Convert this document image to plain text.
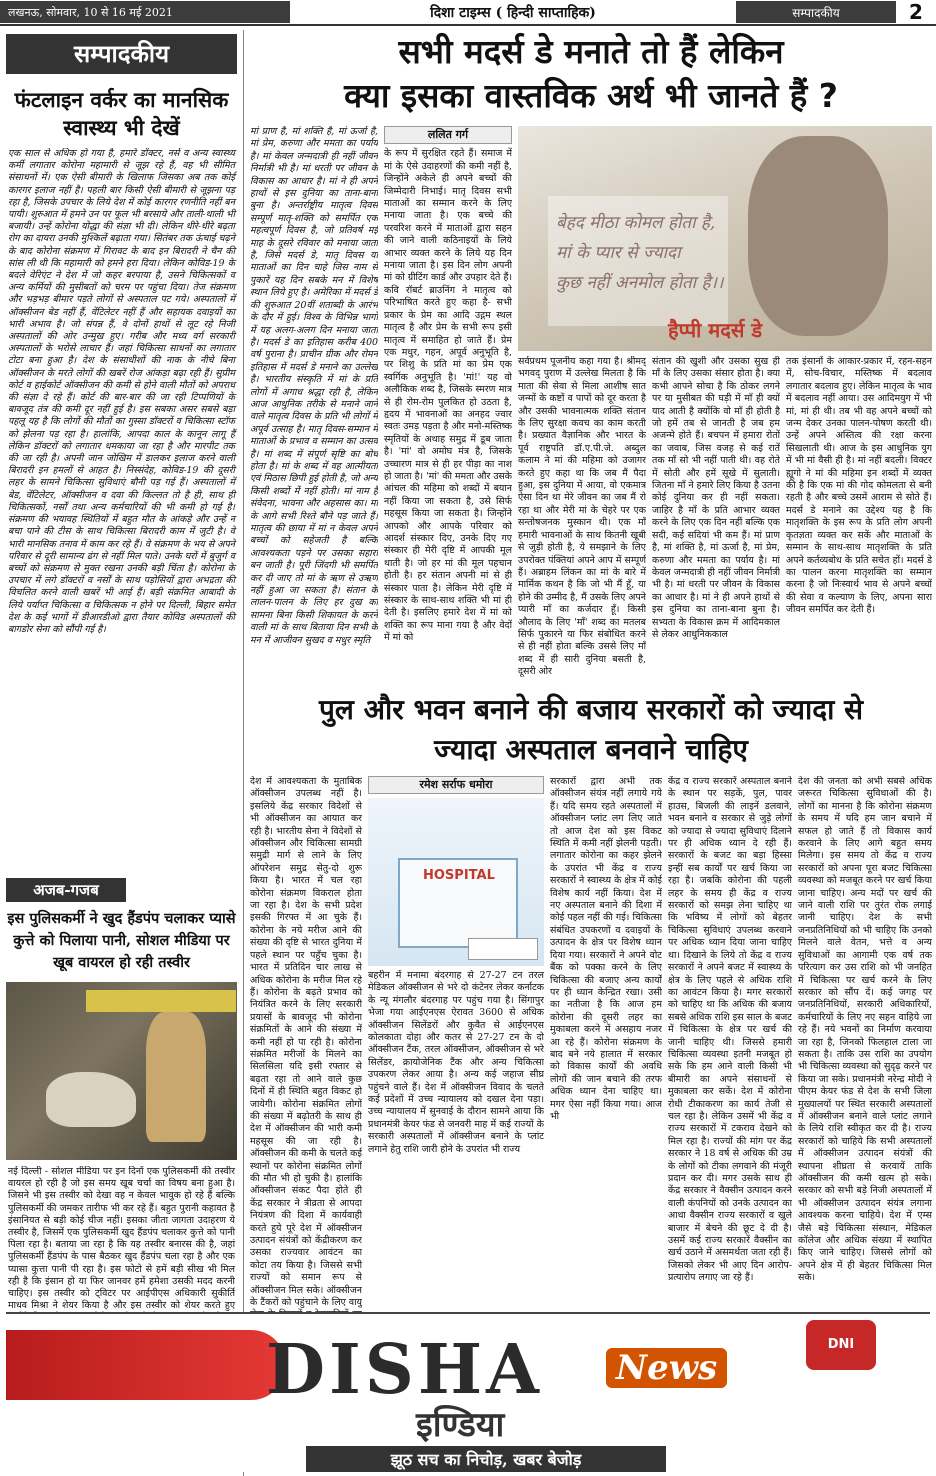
लखनऊ, सोमवार, 10 से 16 मई 2021	दिशा टाइम्स ( हिन्दी साप्ताहिक)	सम्पादकीय	2
सम्पादकीय
फंटलाइन वर्कर का मानसिक स्वास्थ्य भी देखें
एक साल से अधिक हो गया है, हमारे डॉक्टर, नर्स व अन्य स्वास्थ्य कर्मी लगातार कोरोना महामारी से जूझ रहे हैं, वह भी सीमित संसाधनों में। एक ऐसी बीमारी के खिलाफ जिसका अब तक कोई कारगर इलाज नहीं है। पहली बार किसी ऐसी बीमारी से जूझना पड़ रहा है, जिसके उपचार के लिये देश में कोई कारगर रणनीति नहीं बन पायी। शुरुआत में हमने उन पर फूल भी बरसाये और ताली-थाली भी बजायी। उन्हें कोरोना योद्धा की संज्ञा भी दी। लेकिन धीरे-धीरे बढ़ता रोग का दायरा उनकी मुश्किलें बढ़ाता गया। सितंबर तक ऊंचाई चढ़ने के बाद कोरोना संक्रमण में गिरावट के बाद इन बिरादरी ने चैन की सांस ली थी कि महामारी को हमने हरा दिया। लेकिन कोविड-19 के बदले वेरिएंट ने देश में जो कहर बरपाया है, उसने चिकित्सकों व अन्य कर्मियों की मुसीबतों को चरम पर पहुंचा दिया। तेज संक्रमण और भड़भड़ बीमार पड़ते लोगों से अस्पताल पट गये। अस्पतालों में ऑक्सीजन बेड नहीं हैं, वेंटिलेटर नहीं हैं और सहायक दवाइयों का भारी अभाव है। जो संपन्न हैं, वे दोनों हाथों से लूट रहे निजी अस्पतालों की ओर उन्मुख हुए। गरीब और मध्य वर्ग सरकारी अस्पतालों के भरोसे लाचार हैं। जहां चिकित्सा साधनों का लगातार टोटा बना हुआ है। देश के संसाधीशों की नाक के नीचे बिना ऑक्सीजन के मरते लोगों की खबरें रोज आंकड़ा बढ़ा रही हैं। सुप्रीम कोर्ट व हाईकोर्ट ऑक्सीजन की कमी से होने वाली मौतों को अपराध की संज्ञा दे रहे हैं। कोर्ट की बार-बार की जा रही टिप्पणियों के बावजूद तंत्र की कमी दूर नहीं हुई है। इस सबका असर सबसे बड़ा पहलू यह है कि लोगों की मौतों का गुस्सा डॉक्टरों व चिकित्सा स्टॉफ को झेलना पड़ रहा है। हालांकि, आपदा काल के कानून लागू हैं लेकिन डॉक्टरों को लगातार धमकाया जा रहा है और मारपीट तक की जा रही है। अपनी जान जोखिम में डालकर इलाज करने वाली बिरादरी इन हमलों से आहत है। निस्संदेह, कोविड-19 की दूसरी लहर के सामने चिकित्सा सुविधाएं बौनी पड़ गई हैं। अस्पतालों में बेड, वेंटिलेटर, ऑक्सीजन व दवा की किल्लत तो है ही, साथ ही चिकित्सकों, नर्सों तथा अन्य कर्मचारियों की भी कमी हो गई है। संक्रमण की भयावह स्थितियों में बहुत मौत के आंकड़े और उन्हें न बचा पाने की टीस के साथ चिकित्सा बिरादरी काम में जुटी है। वे भारी मानसिक तनाव में काम कर रहे हैं। वे संक्रमण के भय से अपने परिवार से दूरी सामान्य ढंग से नहीं मिल पाते। उनके घरों में बुजुर्ग व बच्चों को संक्रमण से मुक्त रखना उनकी बड़ी चिंता है। कोरोना के उपचार में लगे डॉक्टरों व नर्सों के साथ पड़ोसियों द्वारा अभद्रता की विचलित करने वाली खबरें भी आई हैं। बड़ी संक्रमित आबादी के लिये पर्याप्त चिकित्सा व चिकित्सक न होने पर दिल्ली, बिहार समेत देश के कई भागों में डीआरडीओ द्वारा तैयार कोविड अस्पतालों की बागडोर सेना को सौंपी गई है।
अजब-गजब
इस पुलिसकर्मी ने खुद हैंडपंप चलाकर प्यासे कुत्ते को पिलाया पानी, सोशल मीडिया पर खूब वायरल हो रही तस्वीर
नई दिल्ली - सोशल मीडिया पर इन दिनों एक पुलिसकर्मी की तस्वीर वायरल हो रही है जो इस समय खूब चर्चा का विषय बना हुआ है। जिसने भी इस तस्वीर को देखा वह न केवल भावुक हो रहे हैं बल्कि पुलिसकर्मी की जमकर तारीफ भी कर रहे हैं। बहुत पुरानी कहावत है इंसानियत से बड़ी कोई चीज नहीं। इसका जीता जागता उदाहरण ये तस्वीर है, जिसमें एक पुलिसकर्मी खुद हैंडपंप चलाकर कुत्ते को पानी पिला रहा है। बताया जा रहा है कि यह तस्वीर बनारस की है, जहां पुलिसकर्मी हैंडपंप के पास बैठकर खुद हैंडपंप चला रहा है और एक प्यासा कुत्ता पानी पी रहा है। इस फोटो से हमें बड़ी सीख भी मिल रही है कि इंसान हो या फिर जानवर हमें हमेशा उसकी मदद करनी चाहिए। इस तस्वीर को ट्विटर पर आईपीएस अधिकारी सुकीर्ति माधव मिश्रा ने शेयर किया है और इस तस्वीर को शेयर करते हुए
सभी मदर्स डे मनाते तो हैं लेकिन
क्या इसका वास्तविक अर्थ भी जानते हैं ?
मां प्राण है, मां शक्ति है, मां ऊर्जा है, मां प्रेम, करुणा और ममता का पर्याय है। मां केवल जन्मदात्री ही नहीं जीवन निर्मात्री भी है। मां धरती पर जीवन के विकास का आधार है। मां ने ही अपने हाथों से इस दुनिया का ताना-बाना बुना है। अन्तर्राष्ट्रीय मातृत्व दिवस सम्पूर्ण मातृ-शक्ति को समर्पित एक महत्वपूर्ण दिवस है, जो प्रतिवर्ष मई माह के दूसरे रविवार को मनाया जाता है, जिसे मदर्स डे, मातृ दिवस या माताओं का दिन चाहे जिस नाम से पुकारें यह दिन सबके मन में विशेष स्थान लिये हुए है। अमेरिका में मदर्स डे की शुरुआत 20वीं शताब्दी के आरंभ के दौर में हुई। विश्व के विभिन्न भागों में यह अलग-अलग दिन मनाया जाता है। मदर्स डे का इतिहास करीब 400 वर्ष पुराना है। प्राचीन ग्रीक और रोमन इतिहास में मदर्स डे मनाने का उल्लेख है। भारतीय संस्कृति में मां के प्रति लोगों में अगाध श्रद्धा रही है, लेकिन आज आधुनिक तरीके से मनाने जाने वाले मातृत्व दिवस के प्रति भी लोगों में अपूर्व उत्साह है। मातृ दिवस-सम्मान में माताओं के प्रभाव व सम्मान का उत्सव है। मां शब्द में संपूर्ण सृष्टि का बोध होता है। मां के शब्द में वह आत्मीयता एवं मिठास छिपी हुई होती है, जो अन्य किसी शब्दों में नहीं होती। मां नाम है संवेदना, भावना और अहसास का। मां के आगे सभी रिश्ते बौने पड़ जाते हैं। मातृत्व की छाया में मां न केवल अपने बच्चों को सहेजती है बल्कि आवश्यकता पड़ने पर उसका सहारा बन जाती है। पूरी जिंदगी भी समर्पित कर दी जाए तो मां के ऋण से उऋण नहीं हुआ जा सकता है। संतान के लालन-पालन के लिए हर दुख का सामना बिना किसी शिकायत के करने वाली मां के साथ बिताया दिन सभी के मन में आजीवन सुखद व मधुर स्मृति
ललित गर्ग
के रूप में सुरक्षित रहते हैं। समाज में मां के ऐसे उदाहरणों की कमी नहीं है, जिन्होंने अकेले ही अपने बच्चों की जिम्मेदारी निभाई। मातृ दिवस सभी माताओं का सम्मान करने के लिए मनाया जाता है। एक बच्चे की परवरिश करने में माताओं द्वारा सहन की जाने वाली कठिनाइयों के लिये आभार व्यक्त करने के लिये यह दिन मनाया जाता है। इस दिन लोग अपनी मां को ग्रीटिंग कार्ड और उपहार देते हैं। कवि रॉबर्ट ब्राउनिंग ने मातृत्व को परिभाषित करते हुए कहा है- सभी प्रकार के प्रेम का आदि उद्गम स्थल मातृत्व है और प्रेम के सभी रूप इसी मातृत्व में समाहित हो जाते हैं। प्रेम एक मधुर, गहन, अपूर्व अनुभूति है, पर शिशु के प्रति मां का प्रेम एक स्वर्गिक अनुभूति है। 'मां!' यह वो अलौकिक शब्द है, जिसके स्मरण मात्र से ही रोम-रोम पुलकित हो उठता है, हृदय में भावनाओं का अनहद ज्वार स्वतः उमड़ पड़ता है और मनो-मस्तिष्क स्मृतियों के अथाह समुद्र में डूब जाता है। 'मां' वो अमोघ मंत्र है, जिसके उच्चारण मात्र से ही हर पीड़ा का नाश हो जाता है। 'मां' की ममता और उसके आंचल की महिमा को शब्दों में बयान नहीं किया जा सकता है, उसे सिर्फ महसूस किया जा सकता है। जिन्होंने आपको और आपके परिवार को आदर्श संस्कार दिए, उनके दिए गए संस्कार ही मेरी दृष्टि में आपकी मूल थाती है। जो हर मां की मूल पहचान होती है। हर संतान अपनी मां से ही संस्कार पाता है। लेकिन मेरी दृष्टि में संस्कार के साथ-साथ शक्ति भी मां ही देती है। इसलिए हमारे देश में मां को शक्ति का रूप माना गया है और वेदों में मां को
बेहद मीठा कोमल होता है,
मां के प्यार से ज्यादा
कुछ नहीं अनमोल होता है।।
हैप्पी मदर्स डे
सर्वप्रथम पूजनीय कहा गया है। श्रीमद् भगवद् पुराण में उल्लेख मिलता है कि माता की सेवा से मिला आशीष सात जन्मों के कष्टों व पापों को दूर करता है और उसकी भावनात्मक शक्ति संतान के लिए सुरक्षा कवच का काम करती है। प्रख्यात वैज्ञानिक और भारत के पूर्व राष्ट्रपति डॉ.ए.पी.जे. अब्दुल कलाम ने मां की महिमा को उजागर करते हुए कहा था कि जब मैं पैदा हुआ, इस दुनिया में आया, वो एकमात्र ऐसा दिन था मेरे जीवन का जब मैं रो रहा था और मेरी मां के चेहरे पर एक सन्तोषजनक मुस्कान थी। एक माँ हमारी भावनाओं के साथ कितनी खूबी से जुड़ी होती है, ये समझाने के लिए उपरोक्त पंक्तियां अपने आप में सम्पूर्ण हैं। अब्राहम लिंकन का मां के बारे में मार्मिक कथन है कि जो भी मैं हूँ, या होने की उम्मीद है, मैं उसके लिए अपने प्यारी माँ का कर्जदार हूँ। किसी औलाद के लिए 'माँ' शब्द का मतलब सिर्फ पुकारने या फिर संबोधित करने से ही नहीं होता बल्कि उससे लिए माँ शब्द में ही सारी दुनिया बसती है, दूसरी ओर
संतान की खुशी और उसका सुख ही माँ के लिए उसका संसार होता है। क्या कभी आपने सोचा है कि ठोकर लगने पर या मुसीबत की घड़ी में माँ ही क्यों याद आती है क्योंकि वो माँ ही होती है जो हमें तब से जानती है जब हम अजन्मे होते हैं। बचपन में हमारा रोतों का जवाब, जिस वजह से कई रातें तक माँ सो भी नहीं पाती थी। वह रोते में सोती और हमें सूखे में सुलाती। जितना माँ ने हमारे लिए किया है उतना कोई दुनिया कर ही नहीं सकता। जाहिर है माँ के प्रति आभार व्यक्त करने के लिए एक दिन नहीं बल्कि एक सदी, कई सदियां भी कम हैं। मां प्राण है, मां शक्ति है, मां ऊर्जा है, मां प्रेम, करुणा और ममता का पर्याय है। मां केवल जन्मदात्री ही नहीं जीवन निर्मात्री भी है। मां धरती पर जीवन के विकास का आधार है। मां ने ही अपने हाथों से इस दुनिया का ताना-बाना बुना है। सभ्यता के विकास क्रम में आदिमकाल से लेकर आधुनिककाल
तक इंसानों के आकार-प्रकार में, रहन-सहन में, सोच-विचार, मस्तिष्क में बदलाव लगातार बदलाव हुए। लेकिन मातृत्व के भाव में बदलाव नहीं आया। उस आदिमयुग में भी मां, मां ही थी। तब भी वह अपने बच्चों को जन्म देकर उनका पालन-पोषण करती थी। उन्हें अपने अस्तित्व की रक्षा करना सिखलाती थी। आज के इस आधुनिक युग में भी मां वैसी ही है। मां नहीं बदली। विक्टर ह्यूगो ने मां की महिमा इन शब्दों में व्यक्त की है कि एक मां की गोद कोमलता से बनी रहती है और बच्चे उसमें आराम से सोते हैं। मदर्स डे मनाने का उद्देश्य यह है कि मातृशक्ति के इस रूप के प्रति लोग अपनी कृतज्ञता व्यक्त कर सकें और माताओं के सम्मान के साथ-साथ मातृशक्ति के प्रति अपने कर्तव्यबोध के प्रति सचेत हों। मदर्स डे का पालन करना मातृशक्ति का सम्मान करना है जो निःस्वार्थ भाव से अपने बच्चों की सेवा व कल्याण के लिए, अपना सारा जीवन समर्पित कर देती हैं।
पुल और भवन बनाने की बजाय सरकारों को ज्यादा से
ज्यादा अस्पताल बनवाने चाहिए
देश में आवश्यकता के मुताबिक ऑक्सीजन उपलब्ध नहीं है। इसलिये केंद्र सरकार विदेशों से भी ऑक्सीजन का आयात कर रही है। भारतीय सेना ने विदेशों से ऑक्सीजन और चिकित्सा सामग्री समुद्री मार्ग से लाने के लिए ऑपरेशन समुद्र सेतु-दो शुरू किया है। भारत में चल रहा कोरोना संक्रमण विकराल होता जा रहा है। देश के सभी प्रदेश इसकी गिरफ्त में आ चुके हैं। कोरोना के नये मरीज आने की संख्या की दृष्टि से भारत दुनिया में पहले स्थान पर पहुँच चुका है। भारत में प्रतिदिन चार लाख से अधिक कोरोना के मरीज मिल रहे हैं। कोरोना के बढ़ते प्रभाव को नियंत्रित करने के लिए सरकारी प्रयासों के बावजूद भी कोरोना संक्रमितों के आने की संख्या में कमी नहीं हो पा रही है। कोरोना संक्रमित मरीजों के मिलने का सिलसिला यदि इसी रफ्तार से बढ़ता रहा तो आने वाले कुछ दिनों में ही स्थिति बहुत विकट हो जायेगी। कोरोना संक्रमित लोगों की संख्या में बढ़ोतरी के साथ ही देश में ऑक्सीजन की भारी कमी महसूस की जा रही है। ऑक्सीजन की कमी के चलते कई स्थानों पर कोरोना संक्रमित लोगों की मौत भी हो चुकी है। हालांकि ऑक्सीजन संकट पैदा होते ही केंद्र सरकार ने त्रीव्रता से आपदा नियंत्रण की दिशा में कार्यवाही करते हुये पूरे देश में ऑक्सीजन उत्पादन संयंत्रों को केंद्रीकरण कर उसका राज्यवार आवंटन का कोटा तय किया है। जिससे सभी राज्यों को समान रूप से ऑक्सीजन मिल सके। ऑक्सीजन के टैंकरों को पहुंचाने के लिए वायु
रमेश सर्राफ धमोरा
HOSPITAL
बहरीन में मनामा बंदरगाह से 27-27 टन तरल मेडिकल ऑक्सीजन से भरे दो कंटेनर लेकर कर्नाटक के न्यू मंगलौर बंदरगाह पर पहुंच गया है। सिंगापुर भेजा गया आईएनएस ऐरावत 3600 से अधिक ऑक्सीजन सिलेंडरों और कुवैत से आईएनएस कोलकाता दोहा और कतर से 27-27 टन के दो ऑक्सीजन टैंक, तरल ऑक्सीजन, ऑक्सीजन से भरे सिलेंडर, क्रायोजेनिक टैंक और अन्य चिकित्सा उपकरण लेकर आया है। अन्य कई जहाज सीघ्र पहुंचने वाले हैं। देश में ऑक्सीजन विवाद के चलते कई प्रदेशों में उच्च न्यायालय को दखल देना पड़ा। उच्च न्यायालय में सुनवाई के दौरान सामने आया कि प्रधानमंत्री केयर फंड से जनवरी माह में कई राज्यों के सरकारी अस्पतालों में ऑक्सीजन बनाने के प्लांट लगाने हेतु राशि जारी होने के उपरांत भी राज्य
सरकारों द्वारा अभी तक ऑक्सीजन संयंत्र नहीं लगाये गये हैं। यदि समय रहते अस्पतालों में ऑक्सीजन प्लांट लग लिए जाते तो आज देश को इस विकट स्थिति में कमी नहीं झेलनी पड़ती। लगातार कोरोना का कहर झेलने के उपरांत भी केंद्र व राज्य सरकारों ने स्वास्थ्य के क्षेत्र में कोई विशेष कार्य नहीं किया। देश में नए अस्पताल बनाने की दिशा में कोई पहल नहीं की गई। चिकित्सा संबंधित उपकरणों व दवाइयों के उत्पादन के क्षेत्र पर विशेष ध्यान दिया गया। सरकारों ने अपने वोट बैंक को पक्का करने के लिए चिकित्सा की बजाए अन्य कार्यों पर ही ध्यान केन्द्रित रखा। उसी का नतीजा है कि आज हम कोरोना की दूसरी लहर का मुकाबला करने में असहाय नजर आ रहे हैं। कोरोना संक्रमण के बाद बने नये हालात में सरकार को विकास कार्यों की अवधि लोगों की जान बचाने की तरफ अधिक ध्यान देना चाहिए था। मगर ऐसा नहीं किया गया। आज भी
केंद्र व राज्य सरकारें अस्पताल बनाने के स्थान पर सड़कें, पुल, पावर हाउस, बिजली की लाइनें डलवाने, भवन बनाने व सरकार से जुड़े लोगों को ज्यादा से ज्यादा सुविधाएं दिलाने पर ही अधिक ध्यान दे रही हैं। सरकारों के बजट का बड़ा हिस्सा इन्हीं सब कार्यों पर खर्च किया जा रहा है। जबकि कोरोना की पहली लहर के समय ही केंद्र व राज्य सरकारों को समझ लेना चाहिए था कि भविष्य में लोगों को बेहतर चिकित्सा सुविधाएं उपलब्ध करवाने पर अधिक ध्यान दिया जाना चाहिए था। दिखाने के लिये तो केंद्र व राज्य सरकारों ने अपने बजट में स्वास्थ्य के क्षेत्र के लिए पहले से अधिक राशि का आवंटन किया है। मगर सरकारों को चाहिए था कि अधिक की बजाय सबसे अधिक राशि इस साल के बजट में चिकित्सा के क्षेत्र पर खर्च की जानी चाहिए थी। जिससे हमारी चिकित्सा व्यवस्था इतनी मजबूत हो सके कि हम आने वाली किसी भी बीमारी का अपने संसाधनों से मुकाबला कर सकें। देश में कोरोना रोधी टीकाकरण का कार्य तेजी से चल रहा है। लेकिन उसमें भी केंद्र व राज्य सरकारों में टकराव देखने को मिल रहा है। राज्यों की मांग पर केंद्र सरकार ने 18 वर्ष से अधिक की उम्र के लोगों को टीका लगवाने की मंजूरी प्रदान कर दी। मगर उसके साथ ही केंद्र सरकार ने वैक्सीन उत्पादन करने वाली कंपनियों को उनके उत्पादन का आधा वैक्सीन राज्य सरकारों व खुले बाजार में बेचने की छूट दे दी है। उसमें कई राज्य सरकारें वैक्सीन का खर्च उठाने में असमर्थता जता रही हैं। जिसको लेकर भी आए दिन आरोप-प्रत्यारोप लगाए जा रहे हैं।
देश की जनता को अभी सबसे अधिक जरूरत चिकित्सा सुविधाओं की है। लोगों का मानना है कि कोरोना संक्रमण के समय में यदि हम जान बचाने में सफल हो जाते हैं तो विकास कार्य करवाने के लिए आगे बहुत समय मिलेगा। इस समय तो केंद्र व राज्य सरकारों को अपना पूरा बजट चिकित्सा व्यवस्था को मजबूत करने पर खर्च किया जाना चाहिए। अन्य मदों पर खर्च की जाने वाली राशि पर तुरंत रोक लगाई जानी चाहिए। देश के सभी जनप्रतिनिधियों को भी चाहिए कि उनको मिलने वाले वेतन, भत्ते व अन्य सुविधाओं का आगामी एक वर्ष तक परित्याग कर उस राशि को भी जनहित में चिकित्सा पर खर्च करने के लिए सरकार को सौंप दें। कई जगह पर जनप्रतिनिधियों, सरकारी अधिकारियों, कर्मचारियों के लिए नए सहन वाहिये जा रहे हैं। नये भवनों का निर्माण करवाया जा रहा है, जिनको फिलहाल टाला जा सकता है। ताकि उस राशि का उपयोग भी चिकित्सा व्यवस्था को सुदृढ़ करने पर किया जा सके। प्रधानमंत्री नरेन्द्र मोदी ने पीएम केयर फंड से देश के सभी जिला मुख्यालयों पर स्थित सरकारी अस्पतालों में ऑक्सीजन बनाने वाले प्लांट लगाने के लिये राशि स्वीकृत कर दी है। राज्य सरकारों को चाहिये कि सभी अस्पतालों में ऑक्सीजन उत्पादन संयंत्रों की स्थापना शीघ्रता से करवायें ताकि ऑक्सीजन की कमी खत्म हो सके। सरकार को सभी बड़े निजी अस्पतालों में भी ऑक्सीजन उत्पादन संयंत्र लगाना आवश्यक करना चाहिये। देश में एम्स जैसे बड़े चिकित्सा संस्थान, मेडिकल कॉलेज और अधिक संख्या में स्थापित किए जाने चाहिए। जिससे लोगों को अपने क्षेत्र में ही बेहतर चिकित्सा मिल सके।
DISHA News
इण्डिया
झूठ सच का निचोड़, खबर बेजोड़
DNI
